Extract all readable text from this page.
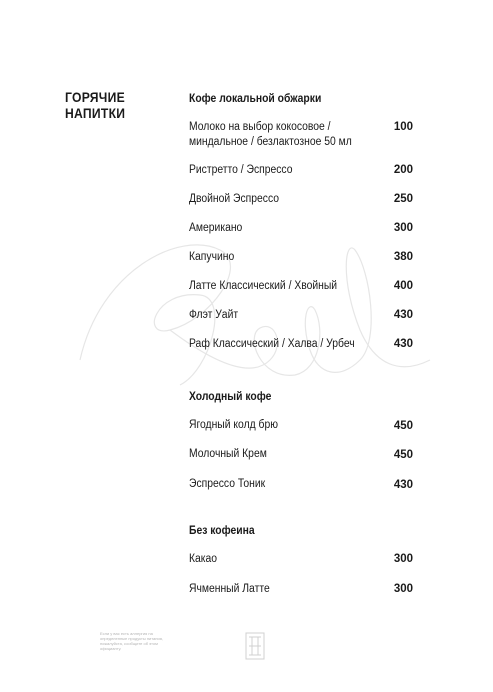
ГОРЯЧИЕ НАПИТКИ
Кофе локальной обжарки
Молоко на выбор кокосовое / миндальное / безлактозное 50 мл
100
Ристретто / Эспрессо	200
Двойной Эспрессо	250
Американо	300
Капучино	380
Латте Классический / Хвойный	400
Флэт Уайт	430
Раф Классический / Халва / Урбеч	430
Холодный кофе
Ягодный колд брю	450
Молочный Крем	450
Эспрессо Тоник	430
Без кофеина
Какао	300
Ячменный Латте	300
Если у вас есть аллергия на определенные продукты питания, пожалуйста, сообщите об этом официанту.
